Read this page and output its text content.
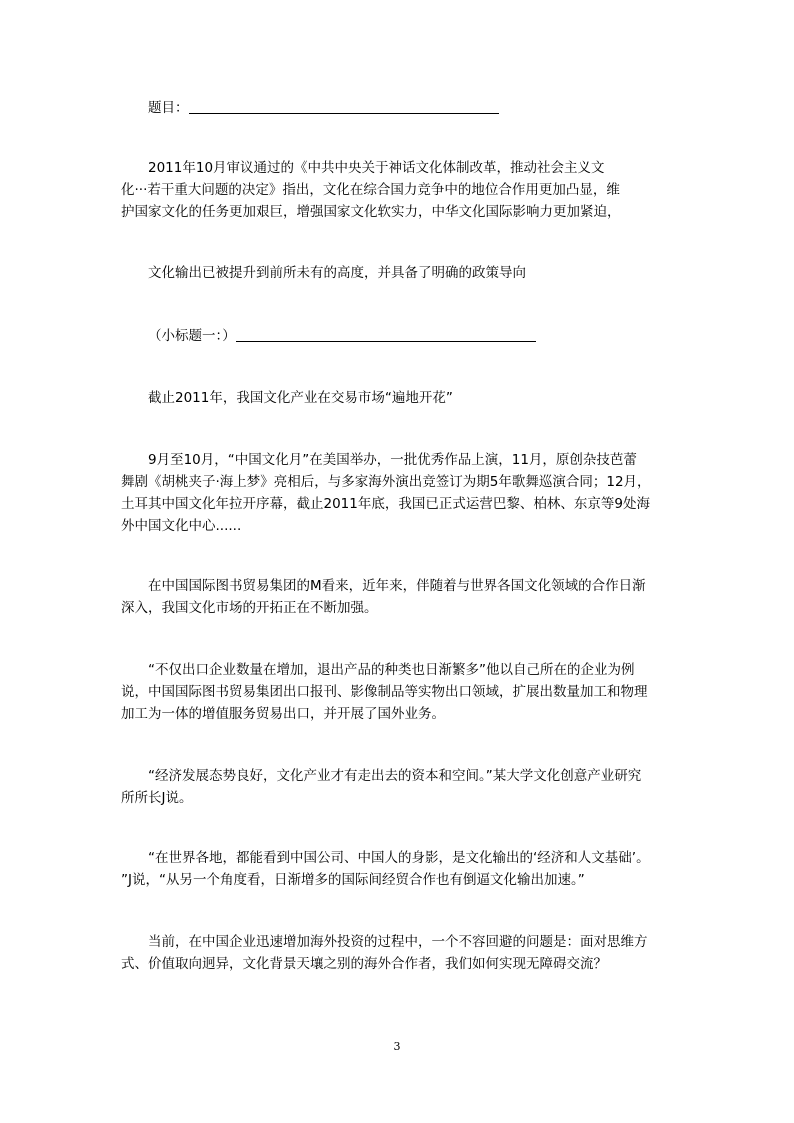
题目：
2011年10月审议通过的《中共中央关于神话文化体制改革，推动社会主义文
化···若干重大问题的决定》指出，文化在综合国力竞争中的地位合作用更加凸显，维
护国家文化的任务更加艰巨，增强国家文化软实力，中华文化国际影响力更加紧迫，
文化输出已被提升到前所未有的高度，并具备了明确的政策导向
（小标题一：）
截止2011年，我国文化产业在交易市场“遍地开花”
9月至10月，“中国文化月”在美国举办，一批优秀作品上演，11月，原创杂技芭蕾
舞剧《胡桃夹子·海上梦》亮相后，与多家海外演出竞签订为期5年歌舞巡演合同；12月，
土耳其中国文化年拉开序幕，截止2011年底，我国已正式运营巴黎、柏林、东京等9处海
外中国文化中心......
在中国国际图书贸易集团的M看来，近年来，伴随着与世界各国文化领域的合作日渐
深入，我国文化市场的开拓正在不断加强。
“不仅出口企业数量在增加，退出产品的种类也日渐繁多”他以自己所在的企业为例
说，中国国际图书贸易集团出口报刊、影像制品等实物出口领域，扩展出数量加工和物理
加工为一体的增值服务贸易出口，并开展了国外业务。
“经济发展态势良好，文化产业才有走出去的资本和空间。”某大学文化创意产业研究
所所长J说。
“在世界各地，都能看到中国公司、中国人的身影，是文化输出的‘经济和人文基础’。
”J说，“从另一个角度看，日渐增多的国际间经贸合作也有倒逼文化输出加速。”
当前，在中国企业迅速增加海外投资的过程中，一个不容回避的问题是：面对思维方
式、价值取向迥异，文化背景天壤之别的海外合作者，我们如何实现无障碍交流？
3
